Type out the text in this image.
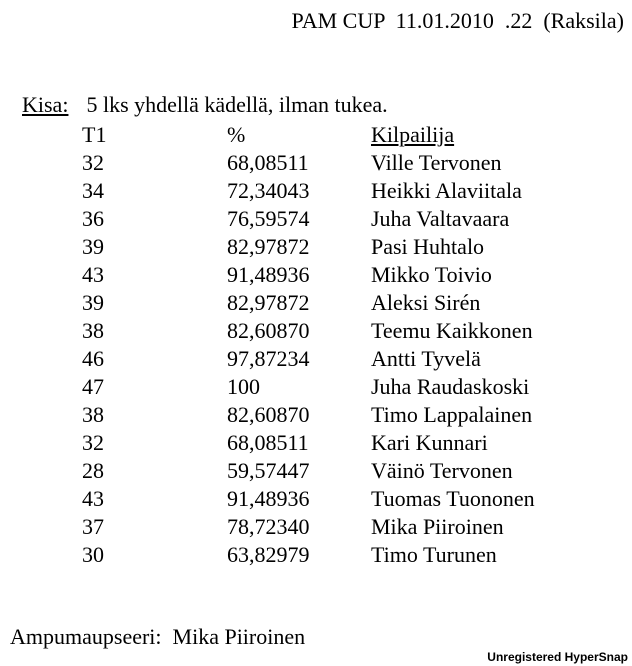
PAM CUP  11.01.2010  .22  (Raksila)

Kisa: 5 lks yhdellä kädellä, ilman tukea.

T1	%	Kilpailija
32	68,08511	Ville Tervonen
34	72,34043	Heikki Alaviitala
36	76,59574	Juha Valtavaara
39	82,97872	Pasi Huhtalo
43	91,48936	Mikko Toivio
39	82,97872	Aleksi Sirén
38	82,60870	Teemu Kaikkonen
46	97,87234	Antti Tyvelä
47	100	Juha Raudaskoski
38	82,60870	Timo Lappalainen
32	68,08511	Kari Kunnari
28	59,57447	Väinö Tervonen
43	91,48936	Tuomas Tuononen
37	78,72340	Mika Piiroinen
30	63,82979	Timo Turunen
Ampumaupseeri:  Mika Piiroinen
Unregistered HyperSnap
